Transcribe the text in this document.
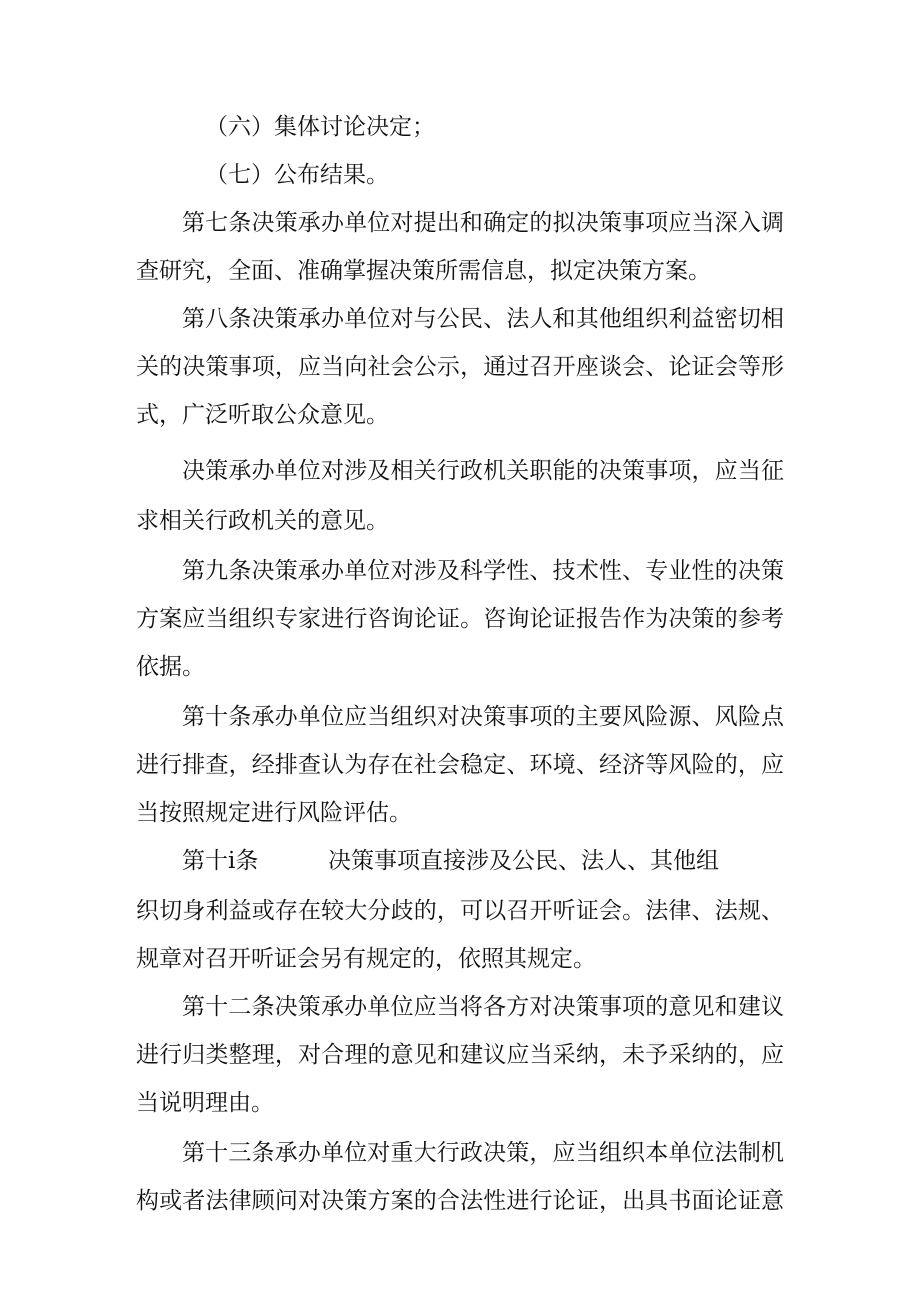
（六）集体讨论决定；
（七）公布结果。
第七条决策承办单位对提出和确定的拟决策事项应当深入调
查研究，全面、准确掌握决策所需信息，拟定决策方案。
第八条决策承办单位对与公民、法人和其他组织利益密切相
关的决策事项，应当向社会公示，通过召开座谈会、论证会等形
式，广泛听取公众意见。
决策承办单位对涉及相关行政机关职能的决策事项，应当征
求相关行政机关的意见。
第九条决策承办单位对涉及科学性、技术性、专业性的决策
方案应当组织专家进行咨询论证。咨询论证报告作为决策的参考
依据。
第十条承办单位应当组织对决策事项的主要风险源、风险点
进行排查，经排查认为存在社会稳定、环境、经济等风险的，应
当按照规定进行风险评估。
第十i条	决策事项直接涉及公民、法人、其他组
织切身利益或存在较大分歧的，可以召开听证会。法律、法规、
规章对召开听证会另有规定的，依照其规定。
第十二条决策承办单位应当将各方对决策事项的意见和建议
进行归类整理，对合理的意见和建议应当采纳，未予采纳的，应
当说明理由。
第十三条承办单位对重大行政决策，应当组织本单位法制机
构或者法律顾问对决策方案的合法性进行论证，出具书面论证意
